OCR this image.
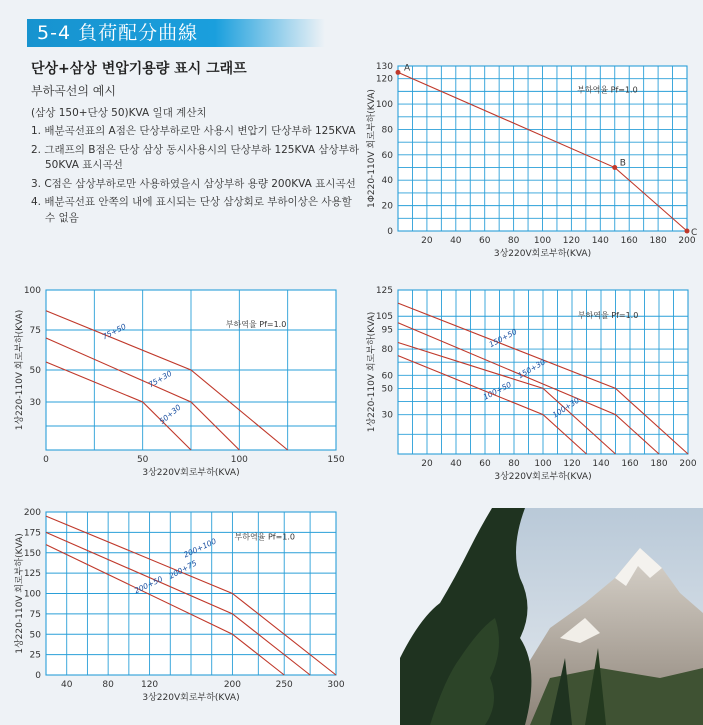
5-4 負荷配分曲線
단상+삼상 변압기용량 표시 그래프
부하곡선의 예시
(삼상 150+단상 50)KVA 일대 계산치
1. 배분곡선표의 A점은 단상부하로만 사용시 변압기 단상부하 125KVA
2. 그래프의 B점은 단상 삼상 동시사용시의 단상부하 125KVA 삼상부하 50KVA 표시곡선
3. C점은 삼상부하로만 사용하였을시 삼상부하 용량 200KVA 표시곡선
4. 배분곡선표 안쪽의 내에 표시되는 단상 삼상회로 부하이상은 사용할수 없음
20 40 60 80 100 120 140 160 180 200
0
20
40
60
80
100
120
130
3상220V회로부하(KVA)
1Φ220-110V 회로부하(KVA)	부하역율 Pf=1.0
A
B
C
0	50	100	150
30
50
75
100
3상220V회로부하(KVA)
1상220-110V 회로부하(KVA)	부하역율 Pf=1.0
75+50
75+30
50+30
20 40 60 80 100 120 140 160 180 200
30
50
60
80
95
105
125
3상220V회로부하(KVA)
1상220-110V 회로부하(KVA)	부하역율 Pf=1.0
150+50
150+30
100+50
100+30
40	80	120	200	250	300
0
25
50
75
100
125
150
175
200
3상220V회로부하(KVA)
1상220-110V 회로부하(KVA)	부하역율 Pf=1.0
200+100
200+75
200+50
